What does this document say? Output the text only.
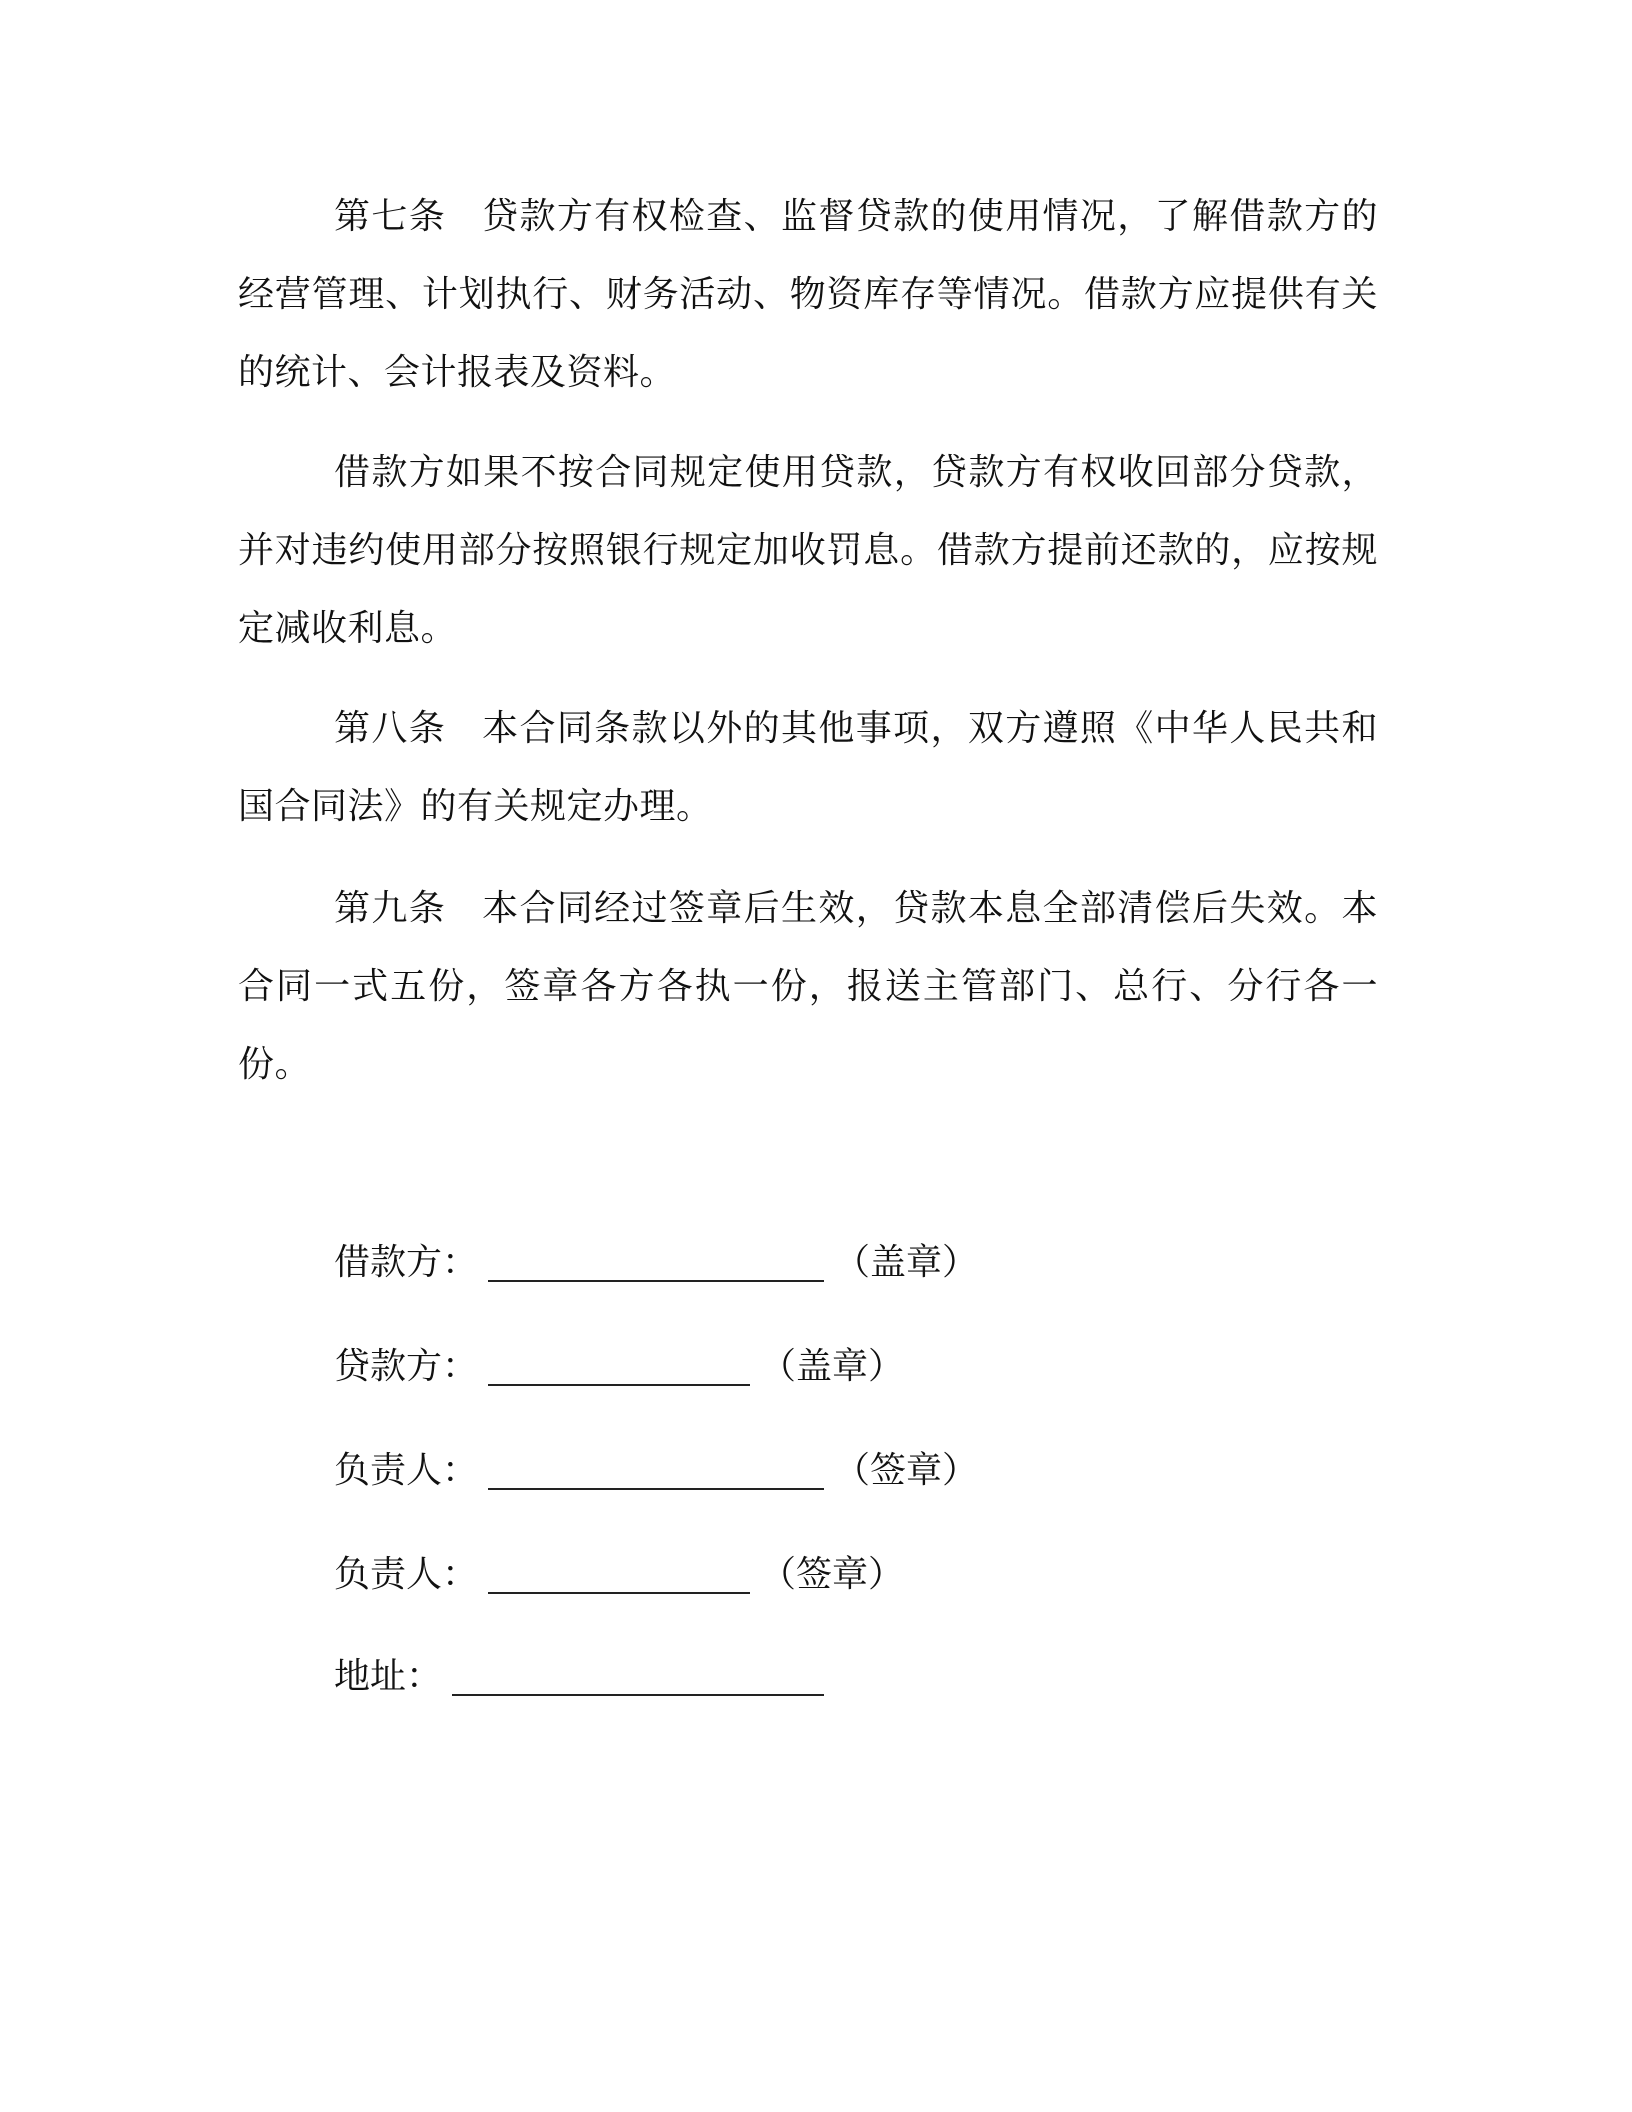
第七条 贷款方有权检查、监督贷款的使用情况，了解借款方的经营管理、计划执行、财务活动、物资库存等情况。借款方应提供有关的统计、会计报表及资料。

借款方如果不按合同规定使用贷款，贷款方有权收回部分贷款，并对违约使用部分按照银行规定加收罚息。借款方提前还款的，应按规定减收利息。

第八条 本合同条款以外的其他事项，双方遵照《中华人民共和国合同法》的有关规定办理。

第九条 本合同经过签章后生效，贷款本息全部清偿后失效。本合同一式五份，签章各方各执一份，报送主管部门、总行、分行各一份。

借款方：	（盖章）
贷款方：	（盖章）
负责人：	（签章）
负责人：	（签章）
地址：
